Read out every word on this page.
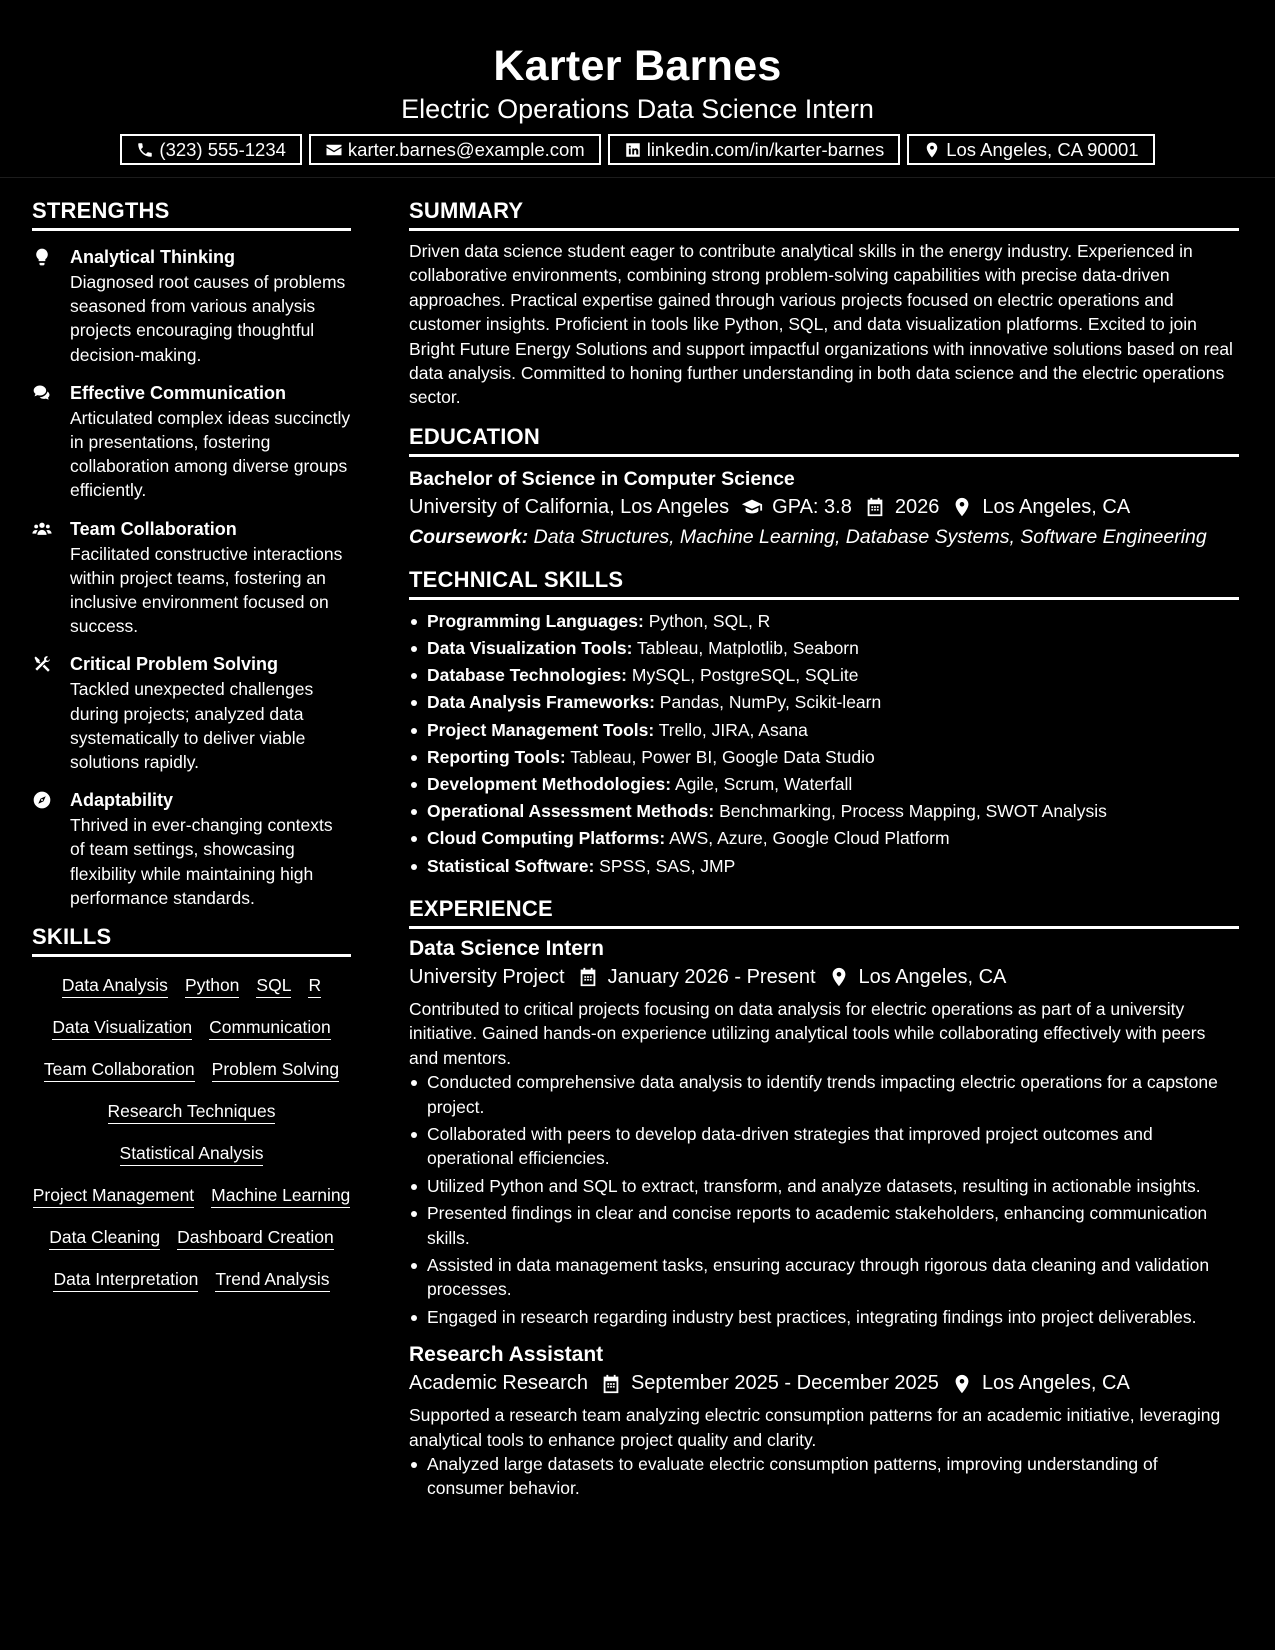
Karter Barnes
Electric Operations Data Science Intern
(323) 555-1234	karter.barnes@example.com	linkedin.com/in/karter-barnes	Los Angeles, CA 90001
STRENGTHS
Analytical Thinking
Diagnosed root causes of problems seasoned from various analysis projects encouraging thoughtful decision-making.
Effective Communication
Articulated complex ideas succinctly in presentations, fostering collaboration among diverse groups efficiently.
Team Collaboration
Facilitated constructive interactions within project teams, fostering an inclusive environment focused on success.
Critical Problem Solving
Tackled unexpected challenges during projects; analyzed data systematically to deliver viable solutions rapidly.
Adaptability
Thrived in ever-changing contexts of team settings, showcasing flexibility while maintaining high performance standards.
SKILLS
Data Analysis Python SQL R
Data Visualization Communication
Team Collaboration Problem Solving
Research Techniques
Statistical Analysis
Project Management Machine Learning
Data Cleaning Dashboard Creation
Data Interpretation Trend Analysis
SUMMARY

Driven data science student eager to contribute analytical skills in the energy industry. Experienced in collaborative environments, combining strong problem-solving capabilities with precise data-driven approaches. Practical expertise gained through various projects focused on electric operations and customer insights. Proficient in tools like Python, SQL, and data visualization platforms. Excited to join Bright Future Energy Solutions and support impactful organizations with innovative solutions based on real data analysis. Committed to honing further understanding in both data science and the electric operations sector.

EDUCATION
Bachelor of Science in Computer Science
University of California, Los Angeles GPA: 3.8 2026 Los Angeles, CA
Coursework: Data Structures, Machine Learning, Database Systems, Software Engineering
TECHNICAL SKILLS
Programming Languages: Python, SQL, R
Data Visualization Tools: Tableau, Matplotlib, Seaborn
Database Technologies: MySQL, PostgreSQL, SQLite
Data Analysis Frameworks: Pandas, NumPy, Scikit-learn
Project Management Tools: Trello, JIRA, Asana
Reporting Tools: Tableau, Power BI, Google Data Studio
Development Methodologies: Agile, Scrum, Waterfall
Operational Assessment Methods: Benchmarking, Process Mapping, SWOT Analysis
Cloud Computing Platforms: AWS, Azure, Google Cloud Platform
Statistical Software: SPSS, SAS, JMP
EXPERIENCE
Data Science Intern
University Project January 2026 - Present Los Angeles, CA

Contributed to critical projects focusing on data analysis for electric operations as part of a university initiative. Gained hands-on experience utilizing analytical tools while collaborating effectively with peers and mentors.

Conducted comprehensive data analysis to identify trends impacting electric operations for a capstone project.
Collaborated with peers to develop data-driven strategies that improved project outcomes and operational efficiencies.
Utilized Python and SQL to extract, transform, and analyze datasets, resulting in actionable insights.
Presented findings in clear and concise reports to academic stakeholders, enhancing communication skills.
Assisted in data management tasks, ensuring accuracy through rigorous data cleaning and validation processes.
Engaged in research regarding industry best practices, integrating findings into project deliverables.
Research Assistant
Academic Research September 2025 - December 2025 Los Angeles, CA

Supported a research team analyzing electric consumption patterns for an academic initiative, leveraging analytical tools to enhance project quality and clarity.

Analyzed large datasets to evaluate electric consumption patterns, improving understanding of consumer behavior.
